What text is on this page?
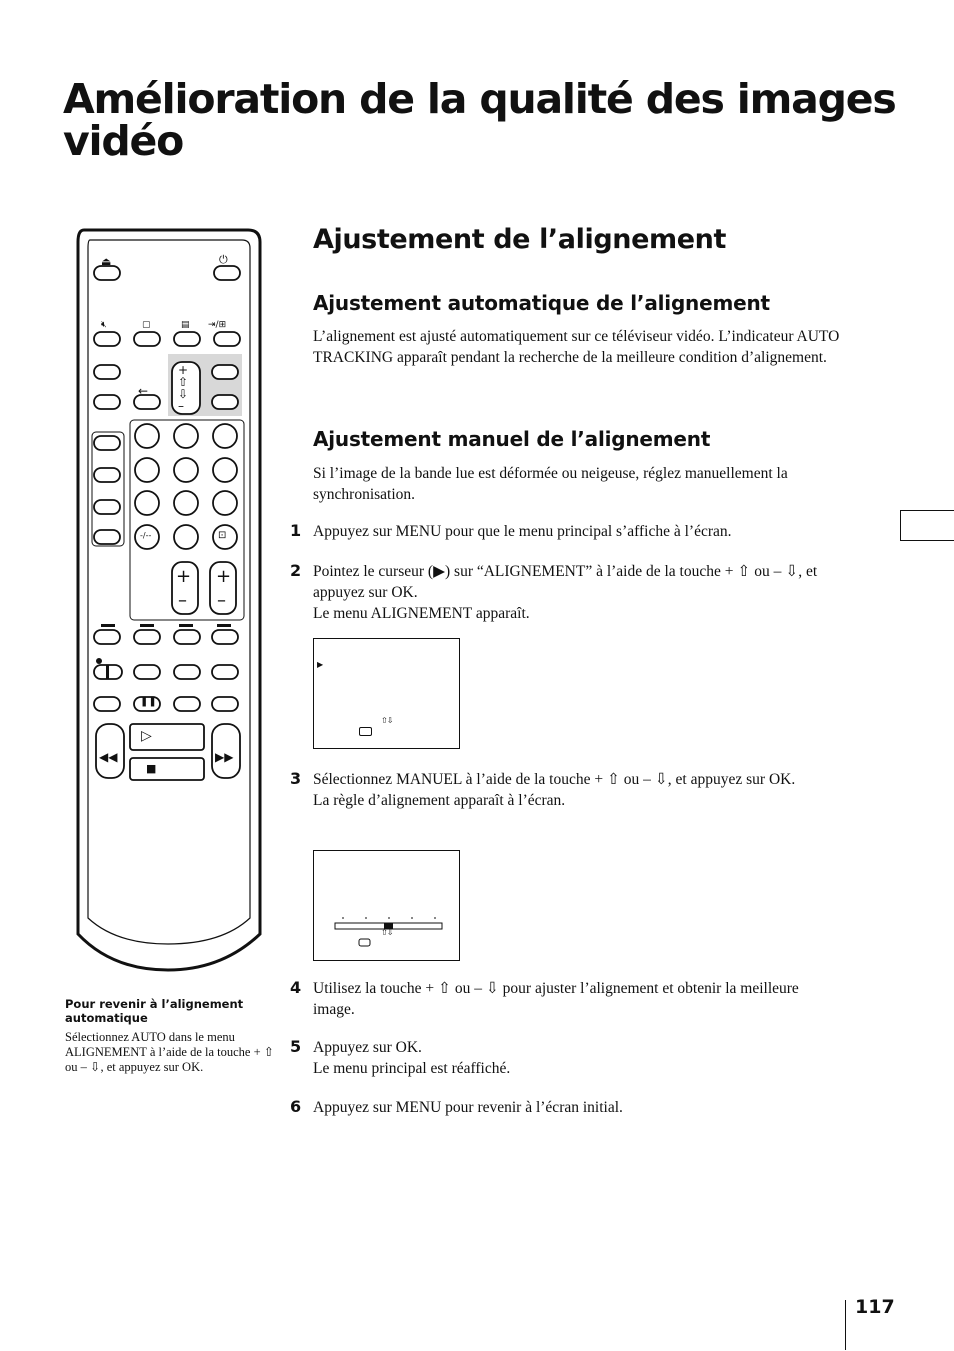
Amélioration de la qualité des images vidéo
Ajustement de l’alignement
Ajustement automatique de l’alignement

L’alignement est ajusté automatiquement sur ce téléviseur vidéo. L’indicateur AUTO TRACKING apparaît pendant la recherche de la meilleure condition d’alignement.

Ajustement manuel de l’alignement

Si l’image de la bande lue est déformée ou neigeuse, réglez manuellement la synchronisation.

1 Appuyez sur MENU pour que le menu principal s’affiche à l’écran.

2 Pointez le curseur (▶) sur “ALIGNEMENT” à l’aide de la touche + ⇧ ou – ⇩, et appuyez sur OK.
Le menu ALIGNEMENT apparaît.

▶
⇧⇩
3 Sélectionnez MANUEL à l’aide de la touche + ⇧ ou – ⇩, et appuyez sur OK.
La règle d’alignement apparaît à l’écran.

⇧⇩
4 Utilisez la touche + ⇧ ou – ⇩ pour ajuster l’alignement et obtenir la meilleure image.

5 Appuyez sur OK.
Le menu principal est réaffiché.

6 Appuyez sur MENU pour revenir à l’écran initial.

Pour revenir à l’alignement automatique

Sélectionnez AUTO dans le menu ALIGNEMENT à l’aide de la touche + ⇧ ou – ⇩, et appuyez sur OK.

⏏	⏻
🔇︎	▢	▤ ⇥/⊞
+
⇧
⇩
–
←
+
–
+
–
-/--	⊡
❚❚
▷
■
◀◀	▶▶
117
